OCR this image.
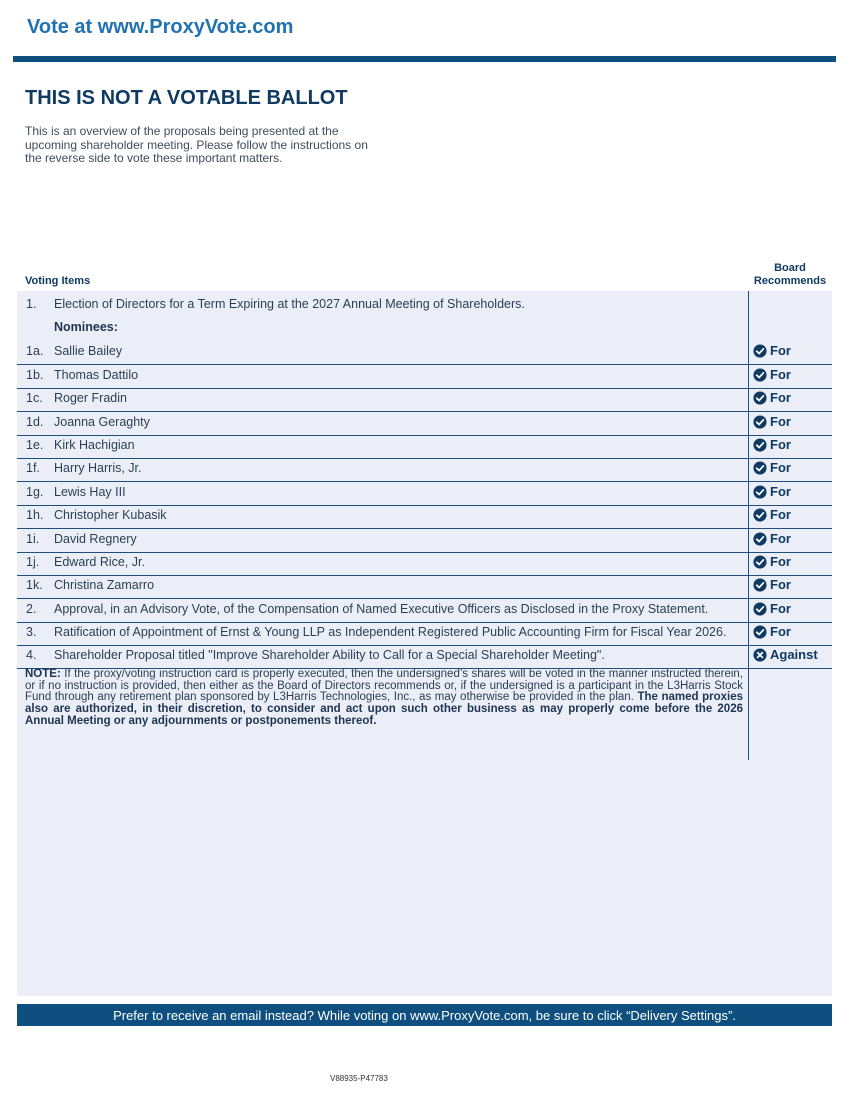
Vote at www.ProxyVote.com
THIS IS NOT A VOTABLE BALLOT
This is an overview of the proposals being presented at the
upcoming shareholder meeting. Please follow the instructions on
the reverse side to vote these important matters.
Voting Items
Board
Recommends
1. Election of Directors for a Term Expiring at the 2027 Annual Meeting of Shareholders.
Nominees:
1a. Sallie Bailey	For
1b. Thomas Dattilo	For
1c. Roger Fradin	For
1d. Joanna Geraghty	For
1e. Kirk Hachigian	For
1f. Harry Harris, Jr.	For
1g. Lewis Hay III	For
1h. Christopher Kubasik	For
1i. David Regnery	For
1j. Edward Rice, Jr.	For
1k. Christina Zamarro	For
2. Approval, in an Advisory Vote, of the Compensation of Named Executive Officers as Disclosed in the Proxy Statement.	For
3. Ratification of Appointment of Ernst & Young LLP as Independent Registered Public Accounting Firm for Fiscal Year 2026.	For
4. Shareholder Proposal titled "Improve Shareholder Ability to Call for a Special Shareholder Meeting".	Against
NOTE: If the proxy/voting instruction card is properly executed, then the undersigned’s shares will be voted in the manner instructed therein, or if no instruction is provided, then either as the Board of Directors recommends or, if the undersigned is a participant in the L3Harris Stock Fund through any retirement plan sponsored by L3Harris Technologies, Inc., as may otherwise be provided in the plan. The named proxies also are authorized, in their discretion, to consider and act upon such other business as may properly come before the 2026 Annual Meeting or any adjournments or postponements thereof.
Prefer to receive an email instead? While voting on www.ProxyVote.com, be sure to click “Delivery Settings”.
V88935-P47783
